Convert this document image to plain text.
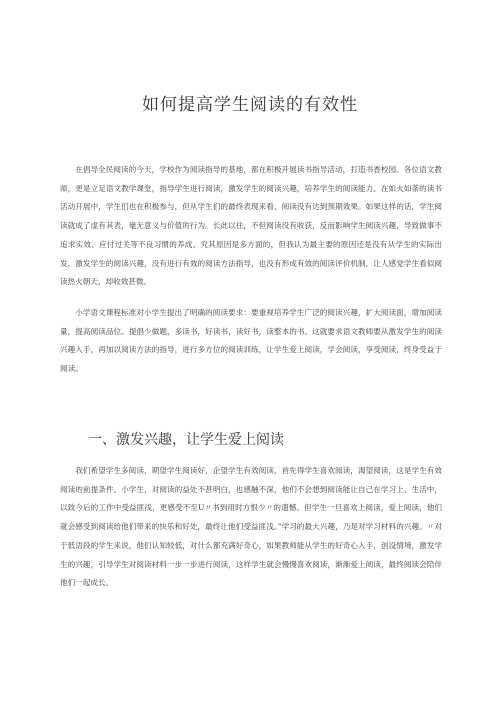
如何提高学生阅读的有效性

在倡导全民阅读的今天，学校作为阅读指导的基地，都在积极开展读书指导活动，打造书香校园。各位语文教师，更是立足语文教学课堂，指导学生进行阅读，激发学生的阅读兴趣，培养学生的阅读能力。在如火如荼的读书活动开展中，学生们也在积极参与，但从学生们的最终表现来看，阅读没有达到预期效果。如果这样的话，学生阅读就成了虚有其表，毫无意义与价值的行为。长此以往，不但阅读没有收获，反而影响学生阅读兴趣，导致做事不追求实效、应付过关等不良习惯的养成。究其原因是多方面的，但我认为最主要的原因还是没有从学生的实际出发，激发学生的阅读兴趣，没有进行有效的阅读方法指导，也没有形成有效的阅读评价机制，让人感觉学生看似阅读热火朝天，却收效甚微。

小学语文课程标准对小学生提出了明确的阅读要求：要重视培养学生广泛的阅读兴趣，扩大阅读面，增加阅读量，提高阅读品位。提倡少做题，多读书，好读书，读好书，读整本的书。这就要求语文教师要从激发学生的阅读兴趣入手，再加以阅读方法的指导，进行多方位的阅读训练，让学生爱上阅读，学会阅读，享受阅读，终身受益于阅读。

一、激发兴趣，让学生爱上阅读

我们希望学生多阅读，期望学生阅读好，企望学生有效阅读，首先得学生喜欢阅读，渴望阅读，这是学生有效阅读的前提条件。小学生，对阅读的益处不甚明白，也感触不深，他们不会想到阅读能让自己在学习上、生活中，以致今后的工作中受益匪浅，更感受不至U〃书到用时方恨少〃的遗憾。但学生一旦喜欢上阅读，爱上阅读，他们就会感受到阅读给他们带来的快乐和好处，最终让他们受益匪浅。”学习的最大兴趣，乃是对学习材料的兴趣。〃对于低语段的学生来说，他们认知较低，对什么都充满好奇心，如果教师能从学生的好奇心入手，创设情境，激发学生的兴趣，引导学生对阅读材料一步一步进行阅读，这样学生就会慢慢喜欢阅读，渐渐爱上阅读，最终阅读会陪伴他们一起成长。
